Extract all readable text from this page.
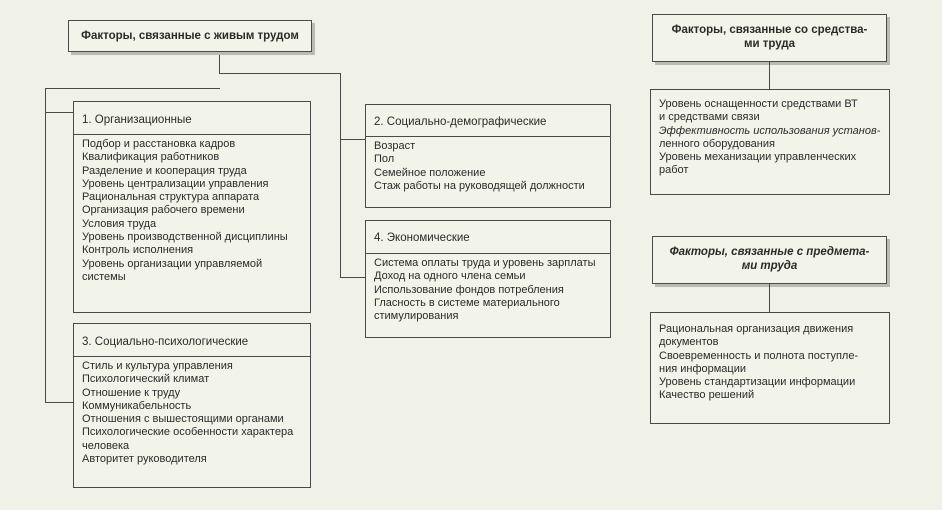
Факторы, связанные с живым трудом
1. Организационные
Подбор и расстановка кадров
Квалификация работников
Разделение и кооперация труда
Уровень централизации управления
Рациональная структура аппарата
Организация рабочего времени
Условия труда
Уровень производственной дисциплины
Контроль исполнения
Уровень организации управляемой
системы
3. Социально-психологические
Стиль и культура управления
Психологический климат
Отношение к труду
Коммуникабельность
Отношения с вышестоящими органами
Психологические особенности характера
человека
Авторитет руководителя
2. Социально-демографические
Возраст
Пол
Семейное положение
Стаж работы на руководящей должности
4. Экономические
Система оплаты труда и уровень зарплаты
Доход на одного члена семьи
Использование фондов потребления
Гласность в системе материального
стимулирования
Факторы, связанные со средства-
ми труда
Уровень оснащенности средствами ВТ
и средствами связи
Эффективность использования установ-
ленного оборудования
Уровень механизации управленческих
работ
Факторы, связанные с предмета-
ми труда
Рациональная организация движения
документов
Своевременность и полнота поступле-
ния информации
Уровень стандартизации информации
Качество решений
